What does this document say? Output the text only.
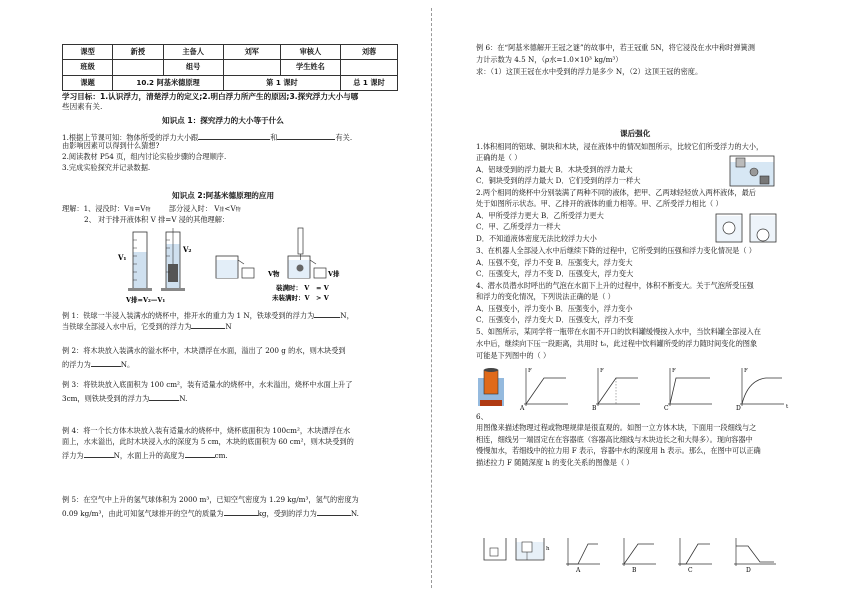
课型	新授	主备人	刘军	审核人	刘蓉
班级		组号		学生姓名	
课题	10.2 阿基米德原理		第 1 课时		总 1 课时
学习目标：1.认识浮力，清楚浮力的定义;2.明白浮力所产生的原因;3.探究浮力大小与哪
些因素有关.
知识点 1：探究浮力的大小等于什么
1.根据上节课可知：物体所受的浮力大小跟	和	有关.
由影响因素可以得到什么猜想?
2.阅读教材 P54 页，组内讨论实验步骤的合理顺序.
3.完成实验探究并记录数据.
知识点 2:阿基米德原理的应用
理解：1、浸没时：V排=V物	部分浸入时： V排<V物
2、 对于排开液体积 V 排=V 浸的其他理解：
V₁
V₂
V排=V₂—V₁
V物	V排
装满时： V = V
未装满时：V > V
例 1：铁球一半浸入装满水的烧杯中，排开水的重力为 1 N，铁球受到的浮力为	N，
当铁球全部浸入水中后，它受到的浮力为	N
例 2：将木块放入装满水的溢水杯中，木块漂浮在水面，溢出了 200 g 的水，则木块受到
的浮力为	N。
例 3：将铁块放入底面积为 100 cm²，装有适量水的烧杯中，水未溢出，烧杯中水面上升了
3cm，则铁块受到的浮力为	N.
例 4：将一个长方体木块放入装有适量水的烧杯中，烧杯底面积为 100cm²，木块漂浮在水
面上，水未溢出，此时木块浸入水的深度为 5 cm，木块的底面积为 60 cm²，则木块受到的
浮力为	N，水面上升的高度为	cm.
例 5：在空气中上升的氢气球体积为 2000 m³，已知空气密度为 1.29 kg/m³，氢气的密度为
0.09 kg/m³，由此可知氢气球排开的空气的质量为	kg，受到的浮力为	N.
例 6：在“阿基米德解开王冠之谜”的故事中，若王冠重 5N，将它浸没在水中称时弹簧测
力计示数为 4.5 N，（ρ水=1.0×10³ kg/m³）
求：（1）这顶王冠在水中受到的浮力是多少 N，（2）这顶王冠的密度。
课后强化
1.体积相同的铝球、铜块和木块，浸在液体中的情况如图所示，比较它们所受浮力的大小，
正确的是（ ）
A．铝球受到的浮力最大 B．木块受到的浮力最大
C．铜块受到的浮力最大 D．它们受到的浮力一样大
2.两个相同的烧杯中分别装满了两种不同的液体，把甲、乙两球轻轻放入两杯液体，最后
处于如图所示状态。甲、乙排开的液体的重力相等。甲、乙所受浮力相比（ ）
A．甲所受浮力更大 B．乙所受浮力更大
C．甲、乙所受浮力一样大
D．不知道液体密度无法比较浮力大小
3、在机器人全部浸入水中后继续下降的过程中，它所受到的压强和浮力变化情况是（ ）
A．压强不变，浮力不变 B．压强变大，浮力变大
C．压强变大，浮力不变 D．压强变大，浮力变大
4、潜水员潜水时呼出的气泡在水面下上升的过程中，体积不断变大。关于气泡所受压强
和浮力的变化情况，下列说法正确的是（ ）
A．压强变小，浮力变小 B．压强变小，浮力变小
C．压强变小，浮力变大 D．压强变大，浮力不变
5、如图所示，某同学将一瓶带在水面不开口的饮料罐缓慢按入水中，当饮料罐全部浸入在
水中后，继续向下压一段距离，共用时 t₀，此过程中饮料罐所受的浮力随时间变化的图象
可能是下列图中的（ ）
F
A
F
B
F
C
F
D	t
6、
用图像来描述物理过程或物理规律是很直观的。如图一立方体木块，下面用一段细线与之
相连，细线另一端固定在在容器底（容器高比细线与木块边长之和大得多）。现向容器中
慢慢加水，若细线中的拉力用 F 表示，容器中水的深度用 h 表示。那么，在图中可以正确
描述拉力 F 随随深度 h 的变化关系的图像是（ ）
h
A	B	C	D
